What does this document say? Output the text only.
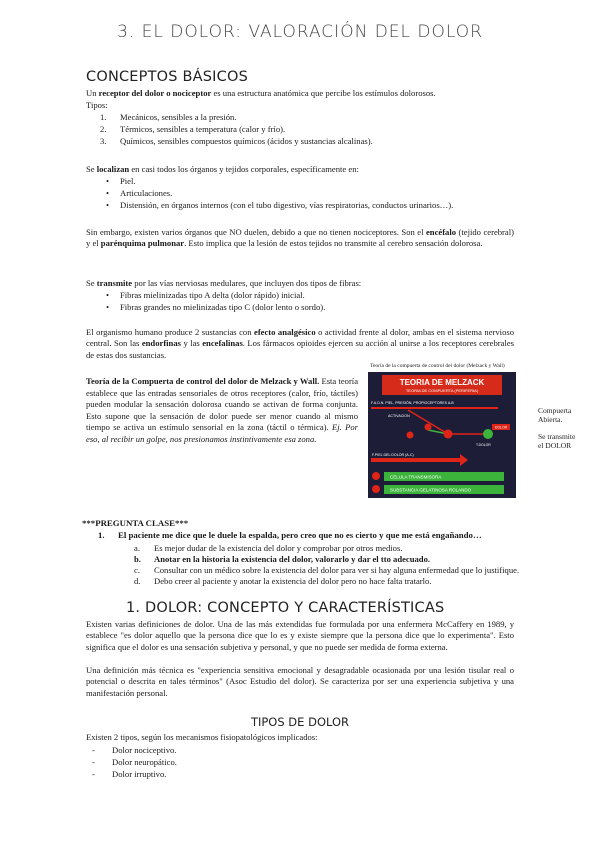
3. EL DOLOR: VALORACIÓN DEL DOLOR
CONCEPTOS BÁSICOS

Un receptor del dolor o nociceptor es una estructura anatómica que percibe los estímulos dolorosos.

Tipos:
1. Mecánicos, sensibles a la presión.
2. Térmicos, sensibles a temperatura (calor y frío).
3. Químicos, sensibles compuestos químicos (ácidos y sustancias alcalinas).

Se localizan en casi todos los órganos y tejidos corporales, específicamente en:

• Piel.
• Articulaciones.
• Distensión, en órganos internos (con el tubo digestivo, vías respiratorias, conductos urinarios…).

Sin embargo, existen varios órganos que NO duelen, debido a que no tienen nociceptores. Son el encéfalo (tejido cerebral) y el parénquima pulmonar. Esto implica que la lesión de estos tejidos no transmite al cerebro sensación dolorosa.

Se transmite por las vías nerviosas medulares, que incluyen dos tipos de fibras:

• Fibras mielinizadas tipo A delta (dolor rápido) inicial.
• Fibras grandes no mielinizadas tipo C (dolor lento o sordo).

El organismo humano produce 2 sustancias con efecto analgésico o actividad frente al dolor, ambas en el sistema nervioso central. Son las endorfinas y las encefalinas. Los fármacos opioides ejercen su acción al unirse a los receptores cerebrales de estas dos sustancias.

Teoría de la Compuerta de control del dolor de Melzack y Wall. Esta teoría establece que las entradas sensoriales de otros receptores (calor, frío, táctiles) pueden modular la sensación dolorosa cuando se activan de forma conjunta. Esto supone que la sensación de dolor puede ser menor cuando al mismo tiempo se activa un estímulo sensorial en la zona (táctil o térmica). Ej. Por eso, al recibir un golpe, nos presionamos instintivamente esa zona.

Teoría de la compuerta de control del dolor (Melzack y Wall)
TEORIA DE MELZACK
TEORIA DE COMPUERTA (PERIFERIA)
F.A.D.N. PIEL, PRESIÓN, PROPIOCEPTORES A-B
ACTIVACION
DOLOR
T.DOLOR
F.PIEL DEL DOLOR (A-C)
CELULA TRANSMISORA
SUBSTANCIA GELATINOSA ROLANDO
Compuerta
Abierta.
Se transmite
el DOLOR
***PREGUNTA CLASE***
1. El paciente me dice que le duele la espalda, pero creo que no es cierto y que me está engañando…
a. Es mejor dudar de la existencia del dolor y comprobar por otros medios.
b. Anotar en la historia la existencia del dolor, valorarlo y dar el tto adecuado.
c. Consultar con un médico sobre la existencia del dolor para ver si hay alguna enfermedad que lo justifique.
d. Debo creer al paciente y anotar la existencia del dolor pero no hace falta tratarlo.
1. DOLOR: CONCEPTO Y CARACTERÍSTICAS

Existen varias definiciones de dolor. Una de las más extendidas fue formulada por una enfermera McCaffery en 1989, y establece "es dolor aquello que la persona dice que lo es y existe siempre que la persona dice que lo experimenta". Esto significa que el dolor es una sensación subjetiva y personal, y que no puede ser medida de forma externa.

Una definición más técnica es "experiencia sensitiva emocional y desagradable ocasionada por una lesión tisular real o potencial o descrita en tales términos" (Asoc Estudio del dolor). Se caracteriza por ser una experiencia subjetiva y una manifestación personal.

TIPOS DE DOLOR

Existen 2 tipos, según los mecanismos fisiopatológicos implicados:

- Dolor nociceptivo.
- Dolor neuropático.
- Dolor irruptivo.
